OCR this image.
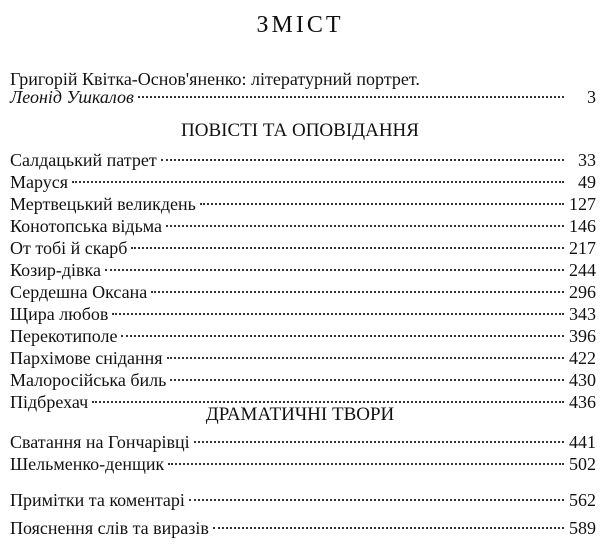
ЗМІСТ
Григорій Квітка-Основ'яненко: літературний портрет.
Леонід Ушкалов	3
ПОВІСТІ ТА ОПОВІДАННЯ
Салдацький патрет	33
Маруся	49
Мертвецький великдень	127
Конотопська відьма	146
От тобі й скарб	217
Козир-дівка	244
Сердешна Оксана	296
Щира любов	343
Перекотиполе	396
Пархімове снідання	422
Малоросійська биль	430
Підбрехач	436
ДРАМАТИЧНІ ТВОРИ
Сватання на Гончарівці	441
Шельменко-денщик	502
Примітки та коментарі	562
Пояснення слів та виразів	589
